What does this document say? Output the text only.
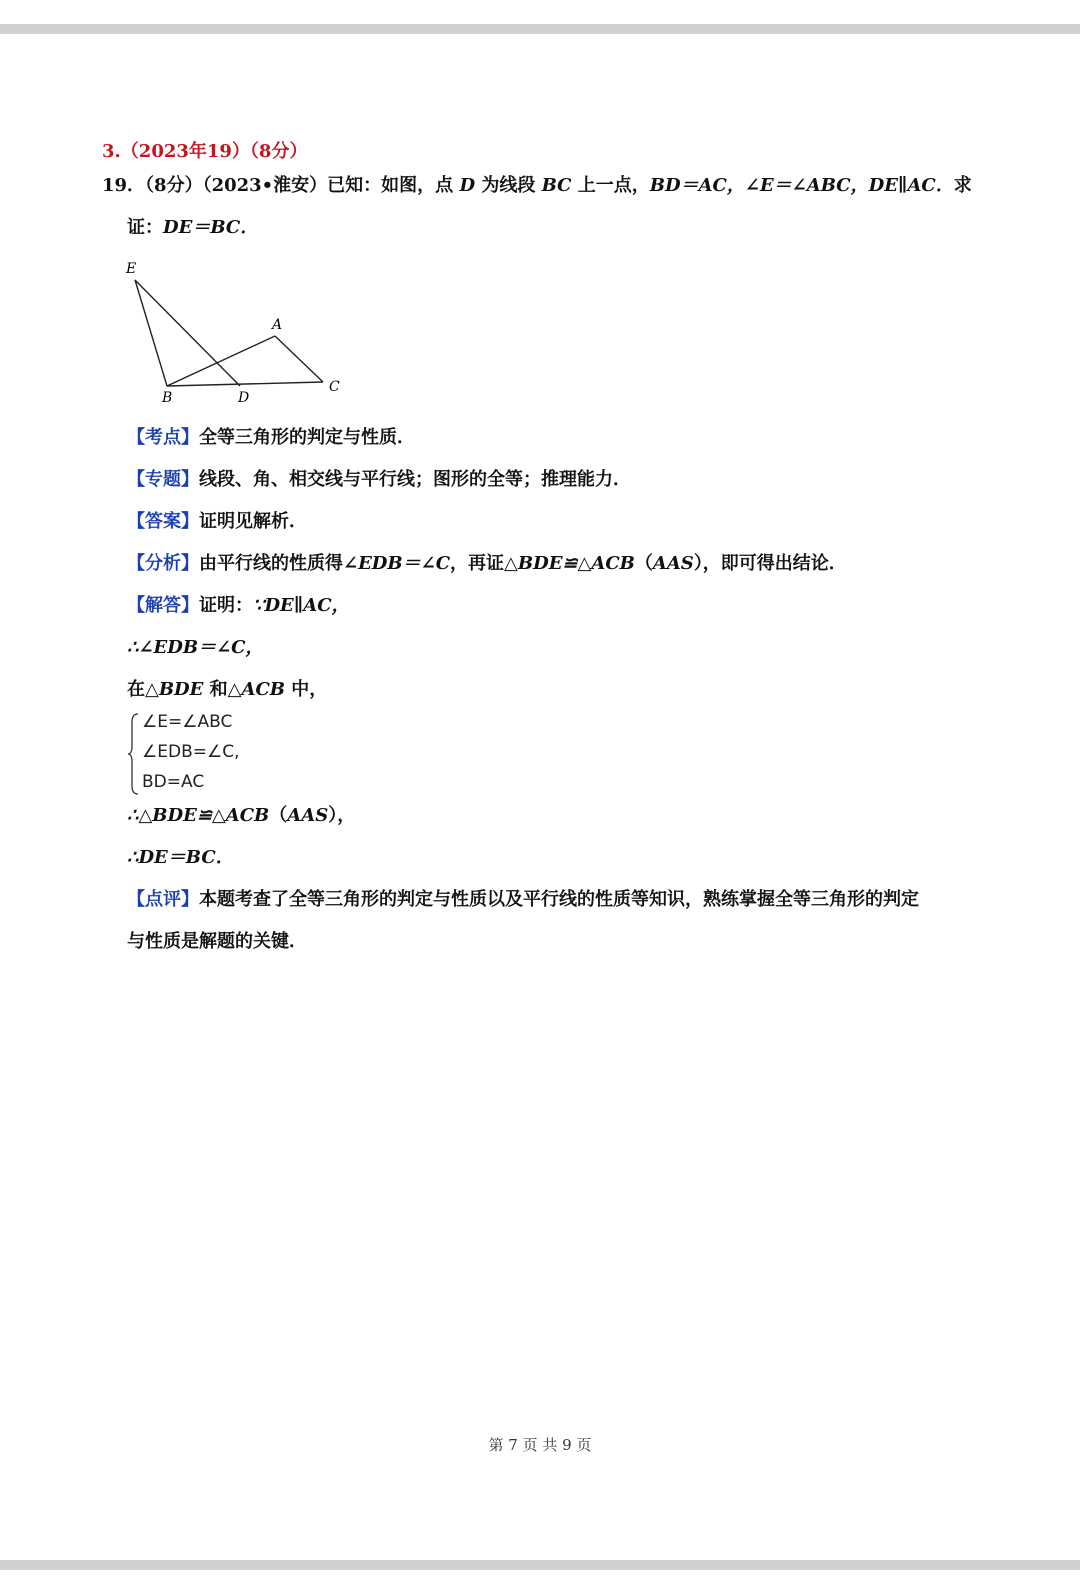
3.（2023年19）（8分）
19．（8分）（2023•淮安）已知：如图，点 D 为线段 BC 上一点，BD＝AC，∠E＝∠ABC，DE∥AC．求
证：DE＝BC．
E
A
B	D
C
【考点】全等三角形的判定与性质．
【专题】线段、角、相交线与平行线；图形的全等；推理能力．
【答案】证明见解析．
【分析】由平行线的性质得∠EDB＝∠C，再证△BDE≌△ACB（AAS），即可得出结论．
【解答】证明：∵DE∥AC，
∴∠EDB＝∠C，
在△BDE 和△ACB 中，
∠E=∠ABC
∠EDB=∠C,
BD=AC
∴△BDE≌△ACB（AAS），
∴DE＝BC．
【点评】本题考查了全等三角形的判定与性质以及平行线的性质等知识，熟练掌握全等三角形的判定
与性质是解题的关键．
第 7 页 共 9 页
